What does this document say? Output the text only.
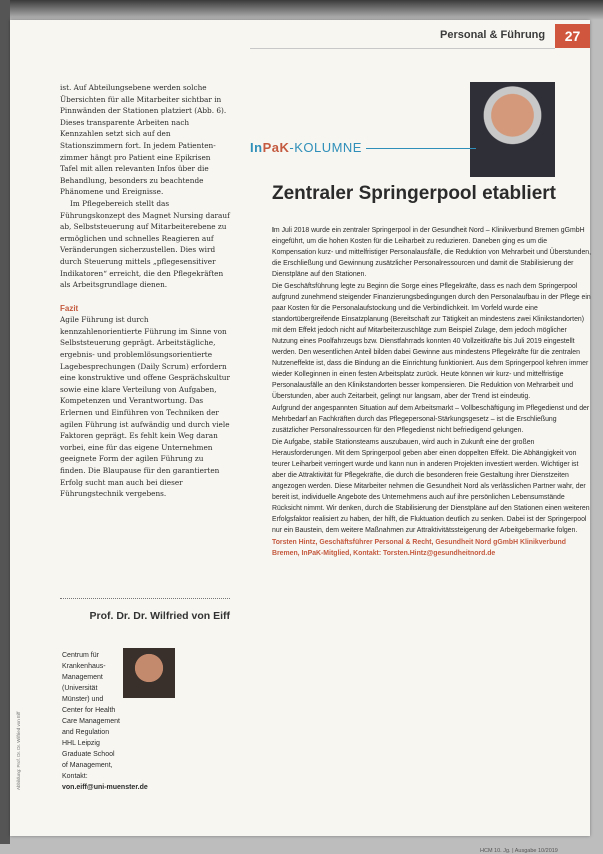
Personal & Führung	27

ist. Auf Abteilungsebene werden solche Übersichten für alle Mitarbeiter sichtbar in Pinnwänden der Stationen platziert (Abb. 6). Dieses transparente Arbeiten nach Kennzahlen setzt sich auf den Stationszimmern fort. In jedem Patienten-zimmer hängt pro Patient eine Epikrisen Tafel mit allen relevanten Infos über die Behandlung, besonders zu beachtende Phänomene und Ereignisse.

Im Pflegebereich stellt das Führungskonzept des Magnet Nursing darauf ab, Selbststeuerung auf Mitarbeiterebene zu ermöglichen und schnelles Reagieren auf Veränderungen sicherzustellen. Dies wird durch Steuerung mittels „pflegesensitiver Indikatoren“ erreicht, die den Pflegekräften als Arbeitsgrundlage dienen.

Fazit

Agile Führung ist durch kennzahlenorientierte Führung im Sinne von Selbststeuerung geprägt. Arbeitstägliche, ergebnis- und problemlösungsorientierte Lagebesprechungen (Daily Scrum) erfordern eine konstruktive und offene Gesprächskultur sowie eine klare Verteilung von Aufgaben, Kompetenzen und Verantwortung. Das Erlernen und Einführen von Techniken der agilen Führung ist aufwändig und durch viele Faktoren geprägt. Es fehlt kein Weg daran vorbei, eine für das eigene Unternehmen geeignete Form der agilen Führung zu finden. Die Blaupause für den garantierten Erfolg sucht man auch bei dieser Führungstechnik vergebens.

Prof. Dr. Dr. Wilfried von Eiff
Centrum für Krankenhaus-Management (Universität Münster) und Center for Health Care Management and Regulation HHL Leipzig Graduate School of Management, Kontakt:
von.eiff@uni-muenster.de
Abbildung: Prof. Dr. Dr. Wilfried von Eiff
InPaK-KOLUMNE
Zentraler Springerpool etabliert

Im Juli 2018 wurde ein zentraler Springerpool in der Gesundheit Nord – Klinikverbund Bremen gGmbH eingeführt, um die hohen Kosten für die Leiharbeit zu reduzieren. Daneben ging es um die Kompensation kurz- und mittelfristiger Personalausfälle, die Reduktion von Mehrarbeit und Überstunden, die Erschließung und Gewinnung zusätzlicher Personalressourcen und damit die Stabilisierung der Dienstpläne auf den Stationen.

Die Geschäftsführung legte zu Beginn die Sorge eines Pflegekräfte, dass es nach dem Springerpool aufgrund zunehmend steigender Finanzierungsbedingungen durch den Personalaufbau in der Pflege ein paar Kosten für die Personalaufstockung und die Verbindlichkeit. Im Vorfeld wurde eine standortübergreifende Einsatzplanung (Bereitschaft zur Tätigkeit an mindestens zwei Klinikstandorten) mit dem Effekt jedoch nicht auf Mitarbeiterzuschläge zum Beispiel Zulage, dem jedoch möglicher Nutzung eines Poolfahrzeugs bzw. Dienstfahrrads konnten 40 Vollzeitkräfte bis Juli 2019 eingestellt werden. Den wesentlichen Anteil bilden dabei Gewinne aus mindestens Pflegekräfte für die zentralen Nutzeneffekte ist, dass die Bindung an die Einrichtung funktioniert. Aus dem Springerpool kehren immer wieder Kolleginnen in einen festen Arbeitsplatz zurück. Heute können wir kurz- und mittelfristige Personalausfälle an den Klinikstandorten besser kompensieren. Die Reduktion von Mehrarbeit und Überstunden, aber auch Zeitarbeit, gelingt nur langsam, aber der Trend ist eindeutig.

Aufgrund der angespannten Situation auf dem Arbeitsmarkt – Vollbeschäftigung im Pflegedienst und der Mehrbedarf an Fachkräften durch das Pflegepersonal-Stärkungsgesetz – ist die Erschließung zusätzlicher Personalressourcen für den Pflegedienst nicht befriedigend gelungen.

Die Aufgabe, stabile Stationsteams auszubauen, wird auch in Zukunft eine der großen Herausforderungen. Mit dem Springerpool geben aber einen doppelten Effekt. Die Abhängigkeit von teurer Leiharbeit verringert wurde und kann nun in anderen Projekten investiert werden. Wichtiger ist aber die Attraktivität für Pflegekräfte, die durch die besonderen freie Gestaltung ihrer Dienstzeiten angezogen werden. Diese Mitarbeiter nehmen die Gesundheit Nord als verlässlichen Partner wahr, der bereit ist, individuelle Angebote des Unternehmens auch auf ihre persönlichen Lebensumstände Rücksicht nimmt. Wir denken, durch die Stabilisierung der Dienstpläne auf den Stationen einen weiteren Erfolgsfaktor realisiert zu haben, der hilft, die Fluktuation deutlich zu senken. Dabei ist der Springerpool nur ein Baustein, dem weitere Maßnahmen zur Attraktivitätssteigerung der Arbeitgebermarke folgen.

Torsten Hintz, Geschäftsführer Personal & Recht, Gesundheit Nord gGmbH Klinikverbund Bremen, InPaK-Mitglied, Kontakt: Torsten.Hintz@gesundheitnord.de

HCM 10. Jg. | Ausgabe 10/2019
